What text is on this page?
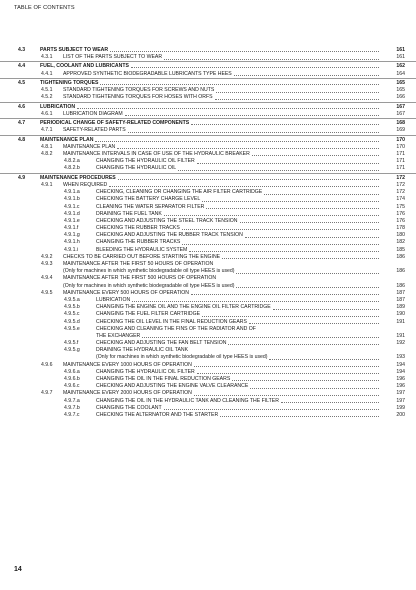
TABLE OF CONTENTS
4.3	PARTS SUBJECT TO WEAR	161
4.3.1 LIST OF THE PARTS SUBJECT TO WEAR	161
4.4	FUEL, COOLANT AND LUBRICANTS	162
4.4.1 APPROVED SYNTHETIC BIODEGRADABLE LUBRICANTS TYPE HEES	164
4.5	TIGHTENING TORQUES	165
4.5.1 STANDARD TIGHTENING TORQUES FOR SCREWS AND NUTS	165
4.5.2 STANDARD TIGHTENING TORQUES FOR HOSES WITH ORFS	166
4.6	LUBRICATION	167
4.6.1 LUBRICATION DIAGRAM	167
4.7	PERIODICAL CHANGE OF SAFETY-RELATED COMPONENTS	168
4.7.1 SAFETY-RELATED PARTS	169
4.8	MAINTENANCE PLAN	170
4.8.1 MAINTENANCE PLAN	170
4.8.2 MAINTENANCE INTERVALS IN CASE OF USE OF THE HYDRAULIC BREAKER	171
4.8.2.a	CHANGING THE HYDRAULIC OIL FILTER	171
4.8.2.b	CHANGING THE HYDRAULIC OIL	171
4.9	MAINTENANCE PROCEDURES	172
4.9.1 WHEN REQUIRED	172
4.9.1.a	CHECKING, CLEANING OR CHANGING THE AIR FILTER CARTRIDGE	172
4.9.1.b	CHECKING THE BATTERY CHARGE LEVEL	174
4.9.1.c	CLEANING THE WATER SEPARATOR FILTER	175
4.9.1.d	DRAINING THE FUEL TANK	176
4.9.1.e	CHECKING AND ADJUSTING THE STEEL TRACK TENSION	176
4.9.1.f	CHECKING THE RUBBER TRACKS	178
4.9.1.g	CHECKING AND ADJUSTING THE RUBBER TRACK TENSION	180
4.9.1.h	CHANGING THE RUBBER TRACKS	182
4.9.1.i	BLEEDING THE HYDRAULIC SYSTEM	185
4.9.2 CHECKS TO BE CARRIED OUT BEFORE STARTING THE ENGINE	186
4.9.3 MAINTENANCE AFTER THE FIRST 50 HOURS OF OPERATION
(Only for machines in which synthetic biodegradable oil type HEES is used)	186
4.9.4 MAINTENANCE AFTER THE FIRST 500 HOURS OF OPERATION
(Only for machines in which synthetic biodegradable oil type HEES is used)	186
4.9.5 MAINTENANCE EVERY 500 HOURS OF OPERATION	187
4.9.5.a	LUBRICATION	187
4.9.5.b	CHANGING THE ENGINE OIL AND THE ENGINE OIL FILTER CARTRIDGE	189
4.9.5.c	CHANGING THE FUEL FILTER CARTRIDGE	190
4.9.5.d	CHECKING THE OIL LEVEL IN THE FINAL REDUCTION GEARS	191
4.9.5.e	CHECKING AND CLEANING THE FINS OF THE RADIATOR AND OF
THE EXCHANGER	191
4.9.5.f	CHECKING AND ADJUSTING THE FAN BELT TENSION	192
4.9.5.g	DRAINING THE HYDRAULIC OIL TANK
(Only for machines in which synthetic biodegradable oil type HEES is used)	193
4.9.6 MAINTENANCE EVERY 1000 HOURS OF OPERATION	194
4.9.6.a	CHANGING THE HYDRAULIC OIL FILTER	194
4.9.6.b	CHANGING THE OIL IN THE FINAL REDUCTION GEARS	196
4.9.6.c	CHECKING AND ADJUSTING THE ENGINE VALVE CLEARANCE	196
4.9.7 MAINTENANCE EVERY 2000 HOURS OF OPERATION	197
4.9.7.a	CHANGING THE OIL IN THE HYDRAULIC TANK AND CLEANING THE FILTER	197
4.9.7.b	CHANGING THE COOLANT	199
4.9.7.c	CHECKING THE ALTERNATOR AND THE STARTER	200
14
